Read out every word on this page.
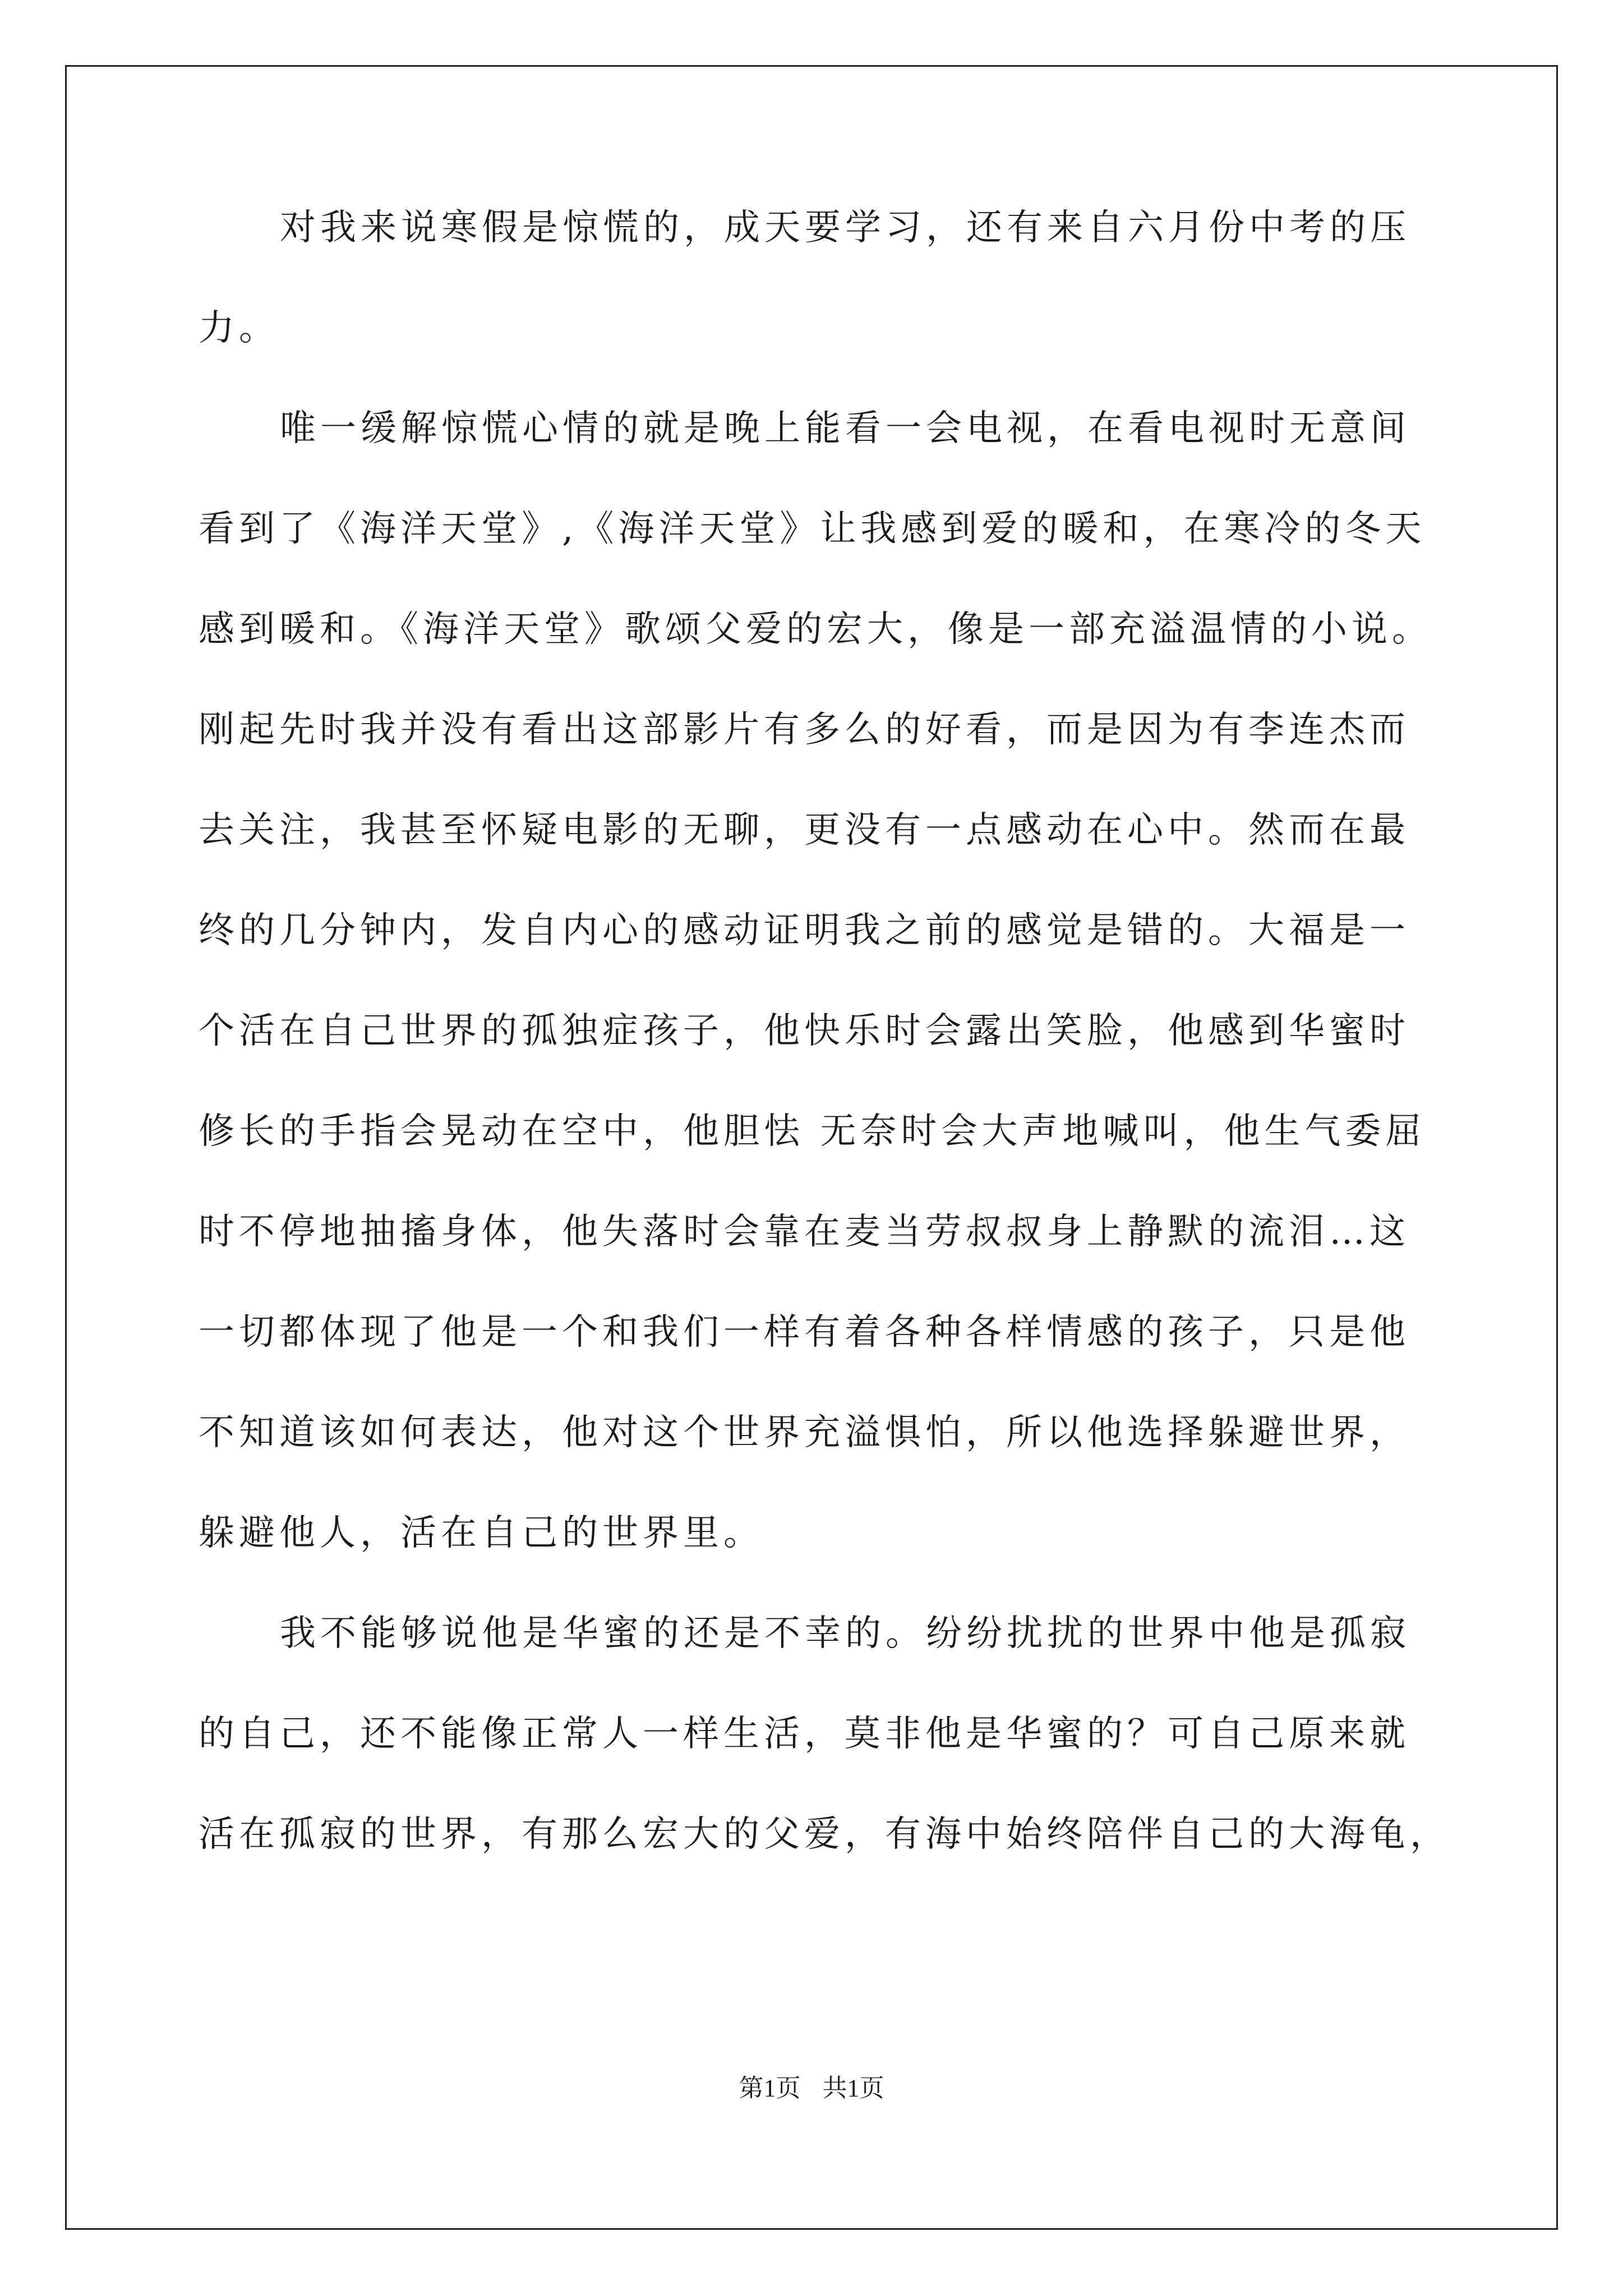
对我来说寒假是惊慌的，成天要学习，还有来自六月份中考的压
力。
唯一缓解惊慌心情的就是晚上能看一会电视，在看电视时无意间
看到了《海洋天堂》,《海洋天堂》让我感到爱的暖和，在寒冷的冬天
感到暖和。《海洋天堂》歌颂父爱的宏大，像是一部充溢温情的小说。
刚起先时我并没有看出这部影片有多么的好看，而是因为有李连杰而
去关注，我甚至怀疑电影的无聊，更没有一点感动在心中。然而在最
终的几分钟内，发自内心的感动证明我之前的感觉是错的。大福是一
个活在自己世界的孤独症孩子，他快乐时会露出笑脸，他感到华蜜时
修长的手指会晃动在空中，他胆怯 无奈时会大声地喊叫，他生气委屈
时不停地抽搐身体，他失落时会靠在麦当劳叔叔身上静默的流泪…这
一切都体现了他是一个和我们一样有着各种各样情感的孩子，只是他
不知道该如何表达，他对这个世界充溢惧怕，所以他选择躲避世界，
躲避他人，活在自己的世界里。
我不能够说他是华蜜的还是不幸的。纷纷扰扰的世界中他是孤寂
的自己，还不能像正常人一样生活，莫非他是华蜜的？可自己原来就
活在孤寂的世界，有那么宏大的父爱，有海中始终陪伴自己的大海龟，
第1页 共1页
